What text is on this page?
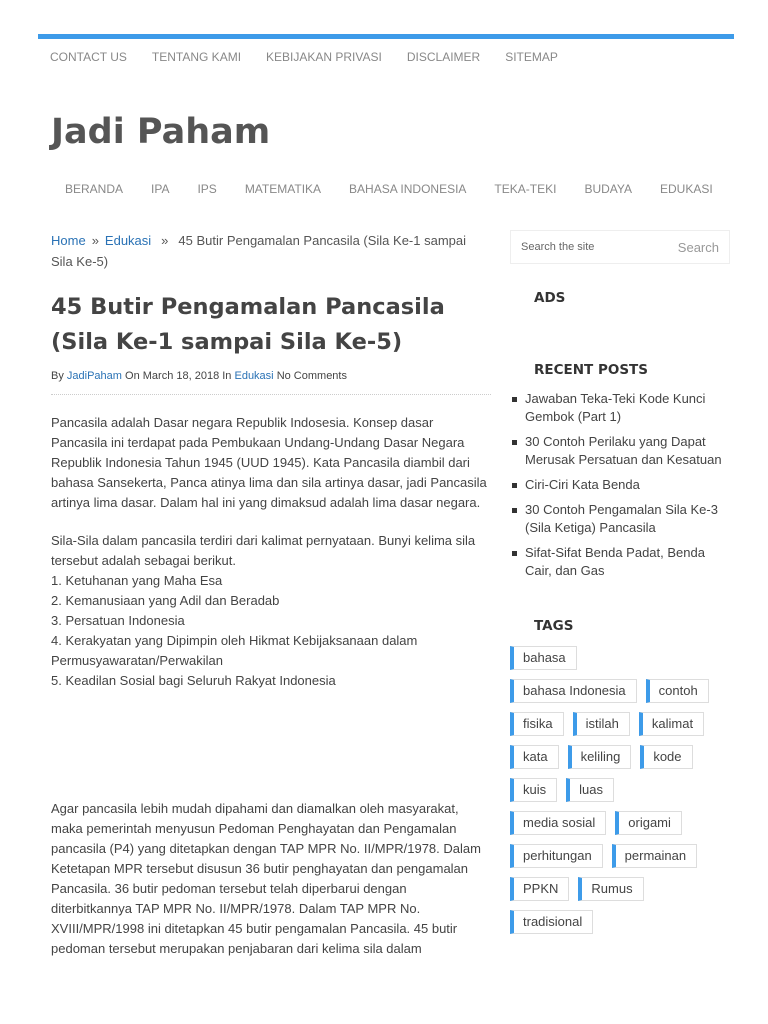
CONTACT US TENTANG KAMI KEBIJAKAN PRIVASI DISCLAIMER SITEMAP
Jadi Paham
BERANDA	IPA	IPS	MATEMATIKA	BAHASA INDONESIA	TEKA-TEKI	BUDAYA	EDUKASI
Home » Edukasi » 45 Butir Pengamalan Pancasila (Sila Ke-1 sampai Sila Ke-5)
45 Butir Pengamalan Pancasila (Sila Ke-1 sampai Sila Ke-5)
By JadiPaham On March 18, 2018 In Edukasi No Comments

Pancasila adalah Dasar negara Republik Indosesia. Konsep dasar Pancasila ini terdapat pada Pembukaan Undang-Undang Dasar Negara Republik Indonesia Tahun 1945 (UUD 1945). Kata Pancasila diambil dari bahasa Sansekerta, Panca atinya lima dan sila artinya dasar, jadi Pancasila artinya lima dasar. Dalam hal ini yang dimaksud adalah lima dasar negara.

Sila-Sila dalam pancasila terdiri dari kalimat pernyataan. Bunyi kelima sila tersebut adalah sebagai berikut.

1. Ketuhanan yang Maha Esa

2. Kemanusiaan yang Adil dan Beradab

3. Persatuan Indonesia

4. Kerakyatan yang Dipimpin oleh Hikmat Kebijaksanaan dalam Permusyawaratan/Perwakilan

5. Keadilan Sosial bagi Seluruh Rakyat Indonesia

Agar pancasila lebih mudah dipahami dan diamalkan oleh masyarakat, maka pemerintah menyusun Pedoman Penghayatan dan Pengamalan pancasila (P4) yang ditetapkan dengan TAP MPR No. II/MPR/1978. Dalam Ketetapan MPR tersebut disusun 36 butir penghayatan dan pengamalan Pancasila. 36 butir pedoman tersebut telah diperbarui dengan diterbitkannya TAP MPR No. II/MPR/1978. Dalam TAP MPR No. XVIII/MPR/1998 ini ditetapkan 45 butir pengamalan Pancasila. 45 butir pedoman tersebut merupakan penjabaran dari kelima sila dalam

Search the site
Search
ADS
RECENT POSTS
Jawaban Teka-Teki Kode Kunci Gembok (Part 1)
30 Contoh Perilaku yang Dapat Merusak Persatuan dan Kesatuan
Ciri-Ciri Kata Benda
30 Contoh Pengamalan Sila Ke-3 (Sila Ketiga) Pancasila
Sifat-Sifat Benda Padat, Benda Cair, dan Gas
TAGS
bahasa
bahasa Indonesia	contoh
fisika	istilah	kalimat
kata	keliling	kode
kuis	luas
media sosial	origami
perhitungan	permainan
PPKN	Rumus
tradisional
